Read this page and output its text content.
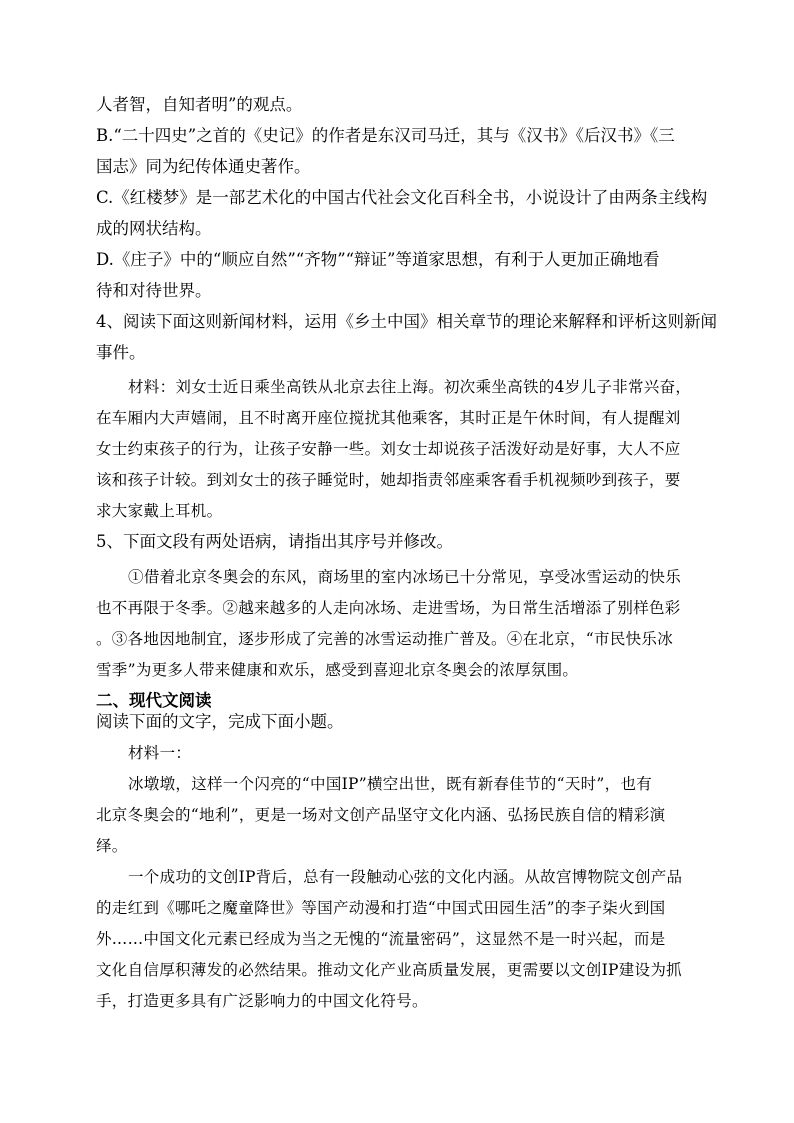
人者智，自知者明”的观点。
B.“二十四史”之首的《史记》的作者是东汉司马迁，其与《汉书》《后汉书》《三
国志》同为纪传体通史著作。
C.《红楼梦》是一部艺术化的中国古代社会文化百科全书，小说设计了由两条主线构
成的网状结构。
D.《庄子》中的“顺应自然”“齐物”“辩证”等道家思想，有利于人更加正确地看
待和对待世界。
4、阅读下面这则新闻材料，运用《乡土中国》相关章节的理论来解释和评析这则新闻
事件。
材料：刘女士近日乘坐高铁从北京去往上海。初次乘坐高铁的4岁儿子非常兴奋，
在车厢内大声嬉闹，且不时离开座位搅扰其他乘客，其时正是午休时间，有人提醒刘
女士约束孩子的行为，让孩子安静一些。刘女士却说孩子活泼好动是好事，大人不应
该和孩子计较。到刘女士的孩子睡觉时，她却指责邻座乘客看手机视频吵到孩子，要
求大家戴上耳机。
5、下面文段有两处语病，请指出其序号并修改。
①借着北京冬奥会的东风，商场里的室内冰场已十分常见，享受冰雪运动的快乐
也不再限于冬季。②越来越多的人走向冰场、走进雪场，为日常生活增添了别样色彩
。③各地因地制宜，逐步形成了完善的冰雪运动推广普及。④在北京，“市民快乐冰
雪季”为更多人带来健康和欢乐，感受到喜迎北京冬奥会的浓厚氛围。
二、现代文阅读
阅读下面的文字，完成下面小题。
材料一：
冰墩墩，这样一个闪亮的“中国IP”横空出世，既有新春佳节的“天时”，也有
北京冬奥会的“地利”，更是一场对文创产品坚守文化内涵、弘扬民族自信的精彩演
绎。
一个成功的文创IP背后，总有一段触动心弦的文化内涵。从故宫博物院文创产品
的走红到《哪吒之魔童降世》等国产动漫和打造“中国式田园生活”的李子柒火到国
外……中国文化元素已经成为当之无愧的“流量密码”，这显然不是一时兴起，而是
文化自信厚积薄发的必然结果。推动文化产业高质量发展，更需要以文创IP建设为抓
手，打造更多具有广泛影响力的中国文化符号。
